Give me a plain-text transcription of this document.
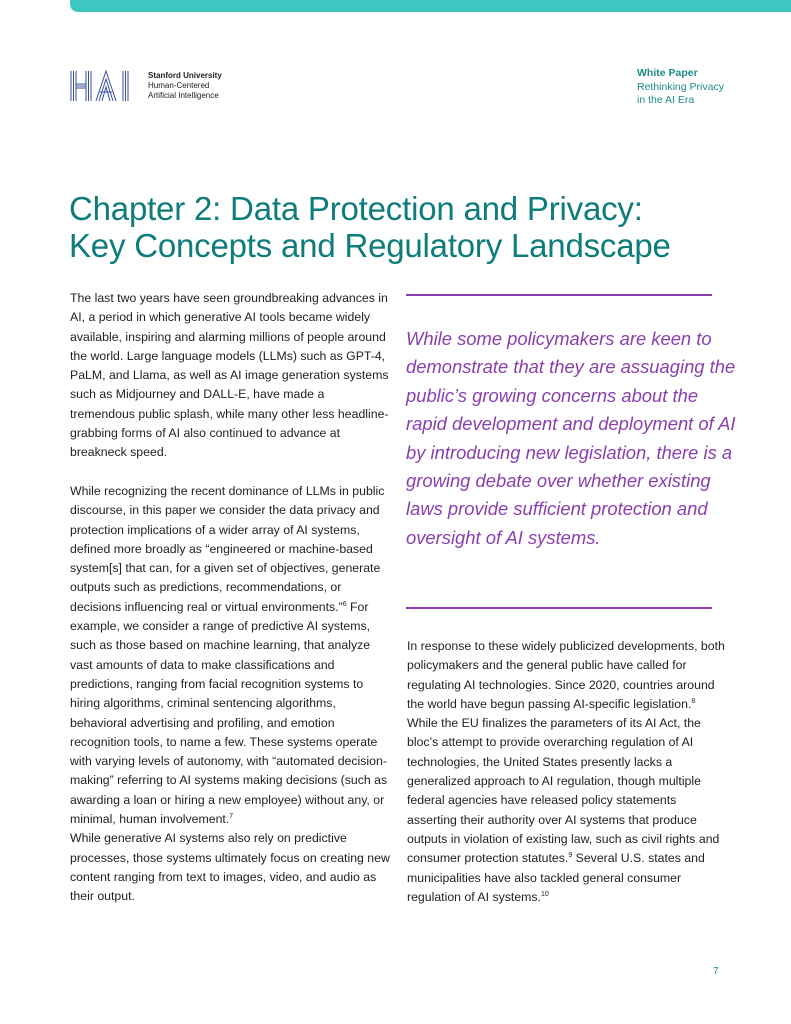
Stanford University
Human-Centered
Artificial Intelligence
White Paper
Rethinking Privacy
in the AI Era
Chapter 2: Data Protection and Privacy:
Key Concepts and Regulatory Landscape

The last two years have seen groundbreaking advances in AI, a period in which generative AI tools became widely available, inspiring and alarming millions of people around the world. Large language models (LLMs) such as GPT-4, PaLM, and Llama, as well as AI image generation systems such as Midjourney and DALL-E, have made a tremendous public splash, while many other less headline-grabbing forms of AI also continued to advance at breakneck speed.

While recognizing the recent dominance of LLMs in public discourse, in this paper we consider the data privacy and protection implications of a wider array of AI systems, defined more broadly as “engineered or machine-based system[s] that can, for a given set of objectives, generate outputs such as predictions, recommendations, or decisions influencing real or virtual environments.”$^6$ For example, we consider a range of predictive AI systems, such as those based on machine learning, that analyze vast amounts of data to make classifications and predictions, ranging from facial recognition systems to hiring algorithms, criminal sentencing algorithms, behavioral advertising and profiling, and emotion recognition tools, to name a few. These systems operate with varying levels of autonomy, with “automated decision-making” referring to AI systems making decisions (such as awarding a loan or hiring a new employee) without any, or minimal, human involvement.$^7$
While generative AI systems also rely on predictive processes, those systems ultimately focus on creating new content ranging from text to images, video, and audio as their output.

While some policymakers are keen to demonstrate that they are assuaging the public’s growing concerns about the rapid development and deployment of AI by introducing new legislation, there is a growing debate over whether existing laws provide sufficient protection and oversight of AI systems.

In response to these widely publicized developments, both policymakers and the general public have called for regulating AI technologies. Since 2020, countries around the world have begun passing AI-specific legislation.$^8$ While the EU finalizes the parameters of its AI Act, the bloc’s attempt to provide overarching regulation of AI technologies, the United States presently lacks a generalized approach to AI regulation, though multiple federal agencies have released policy statements asserting their authority over AI systems that produce outputs in violation of existing law, such as civil rights and consumer protection statutes.$^9$ Several U.S. states and municipalities have also tackled general consumer regulation of AI systems.$^{10}$

7
